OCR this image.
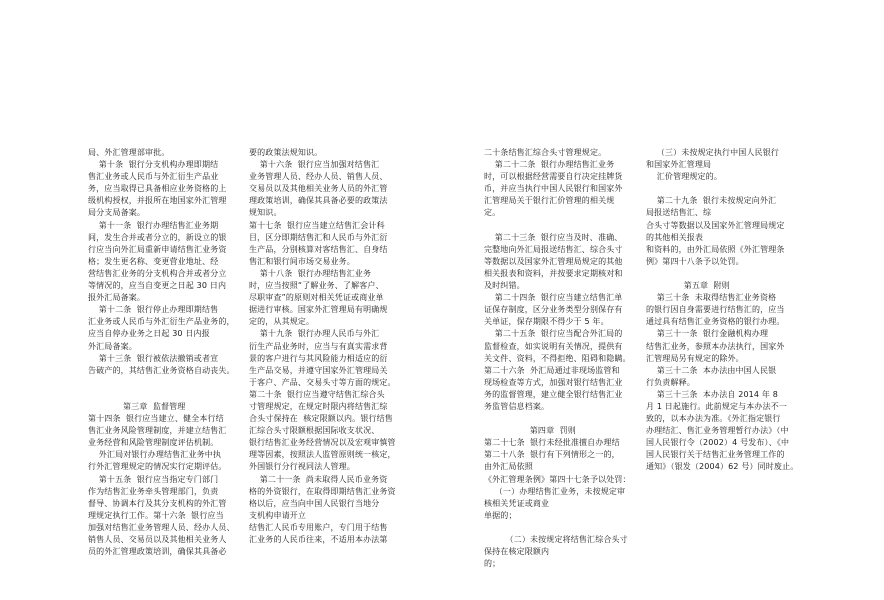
局、外汇管理部审批。

第十条  银行分支机构办理即期结

售汇业务或人民币与外汇衍生产品业

务，应当取得已具备相应业务资格的上

级机构授权，并报所在地国家外汇管理

局分支局备案。

第十一条  银行办理结售汇业务期

间，发生合并或者分立的，新设立的银

行应当向外汇局重新申请结售汇业务资

格；发生更名称、变更营业地址、经

营结售汇业务的分支机构合并或者分立

等情况的，应当自变更之日起 30 日内

报外汇局备案。

第十二条  银行停止办理即期结售

汇业务或人民币与外汇衍生产品业务的，

应当自停办业务之日起 30 日内报

外汇局备案。

第十三条  银行被依法撤销或者宣

告破产的，其结售汇业务资格自动丧失。

第三章  监督管理

第十四条  银行应当建立、健全本行结

售汇业务风险管理制度，并建立结售汇

业务经营和风险管理制度评估机制。

外汇局对银行办理结售汇业务中执

行外汇管理规定的情况实行定期评估。

第十五条  银行应当指定专门部门

作为结售汇业务牵头管理部门，负责

督导、协调本行及其分支机构的外汇管

理规定执行工作。第十六条  银行应当

加强对结售汇业务管理人员、经办人员、

销售人员、交易员以及其他相关业务人

员的外汇管理政策培训，确保其具备必

要的政策法规知识。

第十六条  银行应当加强对结售汇

业务管理人员、经办人员、销售人员、

交易员以及其他相关业务人员的外汇管

理政策培训，确保其具备必要的政策法

规知识。

第十七条  银行应当建立结售汇会计科

目，区分即期结售汇和人民币与外汇衍

生产品，分别核算对客结售汇、自身结

售汇和银行间市场交易业务。

第十八条  银行办理结售汇业务

时，应当按照“了解业务、了解客户、

尽职审查”的原则对相关凭证或商业单

据进行审核。国家外汇管理局有明确规

定的，从其规定。

第十九条  银行办理人民币与外汇

衍生产品业务时，应当与有真实需求背

景的客户进行与其风险能力相适应的衍

生产品交易，并遵守国家外汇管理局关

于客户、产品、交易头寸等方面的规定。

第二十条  银行应当遵守结售汇综合头

寸管理规定，在规定时限内将结售汇综

合头寸保持在  核定限额以内。银行结售

汇综合头寸限额根据国际收支状况、

银行结售汇业务经营情况以及宏观审慎管

理等因素，按照法人监管原则统一核定，

外国银行分行视同法人管理。

第二十一条  尚未取得人民币业务资

格的外资银行，在取得即期结售汇业务资

格以后，应当向中国人民银行当地分

支机构申请开立

结售汇人民币专用账户，专门用于结售

汇业务的人民币往来，不适用本办法第

二十条结售汇综合头寸管理规定。

第二十二条  银行办理结售汇业务

时，可以根据经营需要自行决定挂牌货

币，并应当执行中国人民银行和国家外

汇管理局关于银行汇价管理的相关规

定。

第二十三条  银行应当及时、准确、

完整地向外汇局报送结售汇、综合头寸

等数据以及国家外汇管理局规定的其他

相关报表和资料，并按要求定期核对和

及时纠错。

第二十四条  银行应当建立结售汇单

证保存制度，区分业务类型分别保存有

关单证，保存期限不得少于 5 年。

第二十五条  银行应当配合外汇局的

监督检查，如实说明有关情况，提供有

关文件、资料，不得拒绝、阻碍和隐瞒。

第二十六条  外汇局通过非现场监管和

现场检查等方式，加强对银行结售汇业

务的监督管理，建立健全银行结售汇业

务监管信息档案。

第四章  罚则

第二十七条  银行未经批准擅自办理结

第二十八条  银行有下列情形之一的，

由外汇局依照

《外汇管理条例》第四十七条予以处罚：

（一）办理结售汇业务，未按规定审

核相关凭证或商业

单据的；

（二）未按规定将结售汇综合头寸

保持在核定限额内

的；

（三）未按规定执行中国人民银行

和国家外汇管理局

汇价管理规定的。

第二十九条  银行未按规定向外汇

局报送结售汇、综

合头寸等数据以及国家外汇管理局规定

的其他相关报表

和资料的，由外汇局依照《外汇管理条

例》第四十八条予以处罚。

第五章  附则

第三十条  未取得结售汇业务资格

的银行因自身需要进行结售汇的，应当

通过具有结售汇业务资格的银行办理。

第三十一条  银行金融机构办理

结售汇业务，参照本办法执行，国家外

汇管理局另有规定的除外。

第三十二条  本办法由中国人民银

行负责解释。

第三十三条  本办法自 2014 年 8

月 1 日起施行。此前规定与本办法不一

致的，以本办法为准。《外汇指定银行

办理结汇、售汇业务管理暂行办法》（中

国人民银行令（2002）4 号发布）、《中

国人民银行关于结售汇业务管理工作的

通知》（银发（2004）62 号）同时废止。
